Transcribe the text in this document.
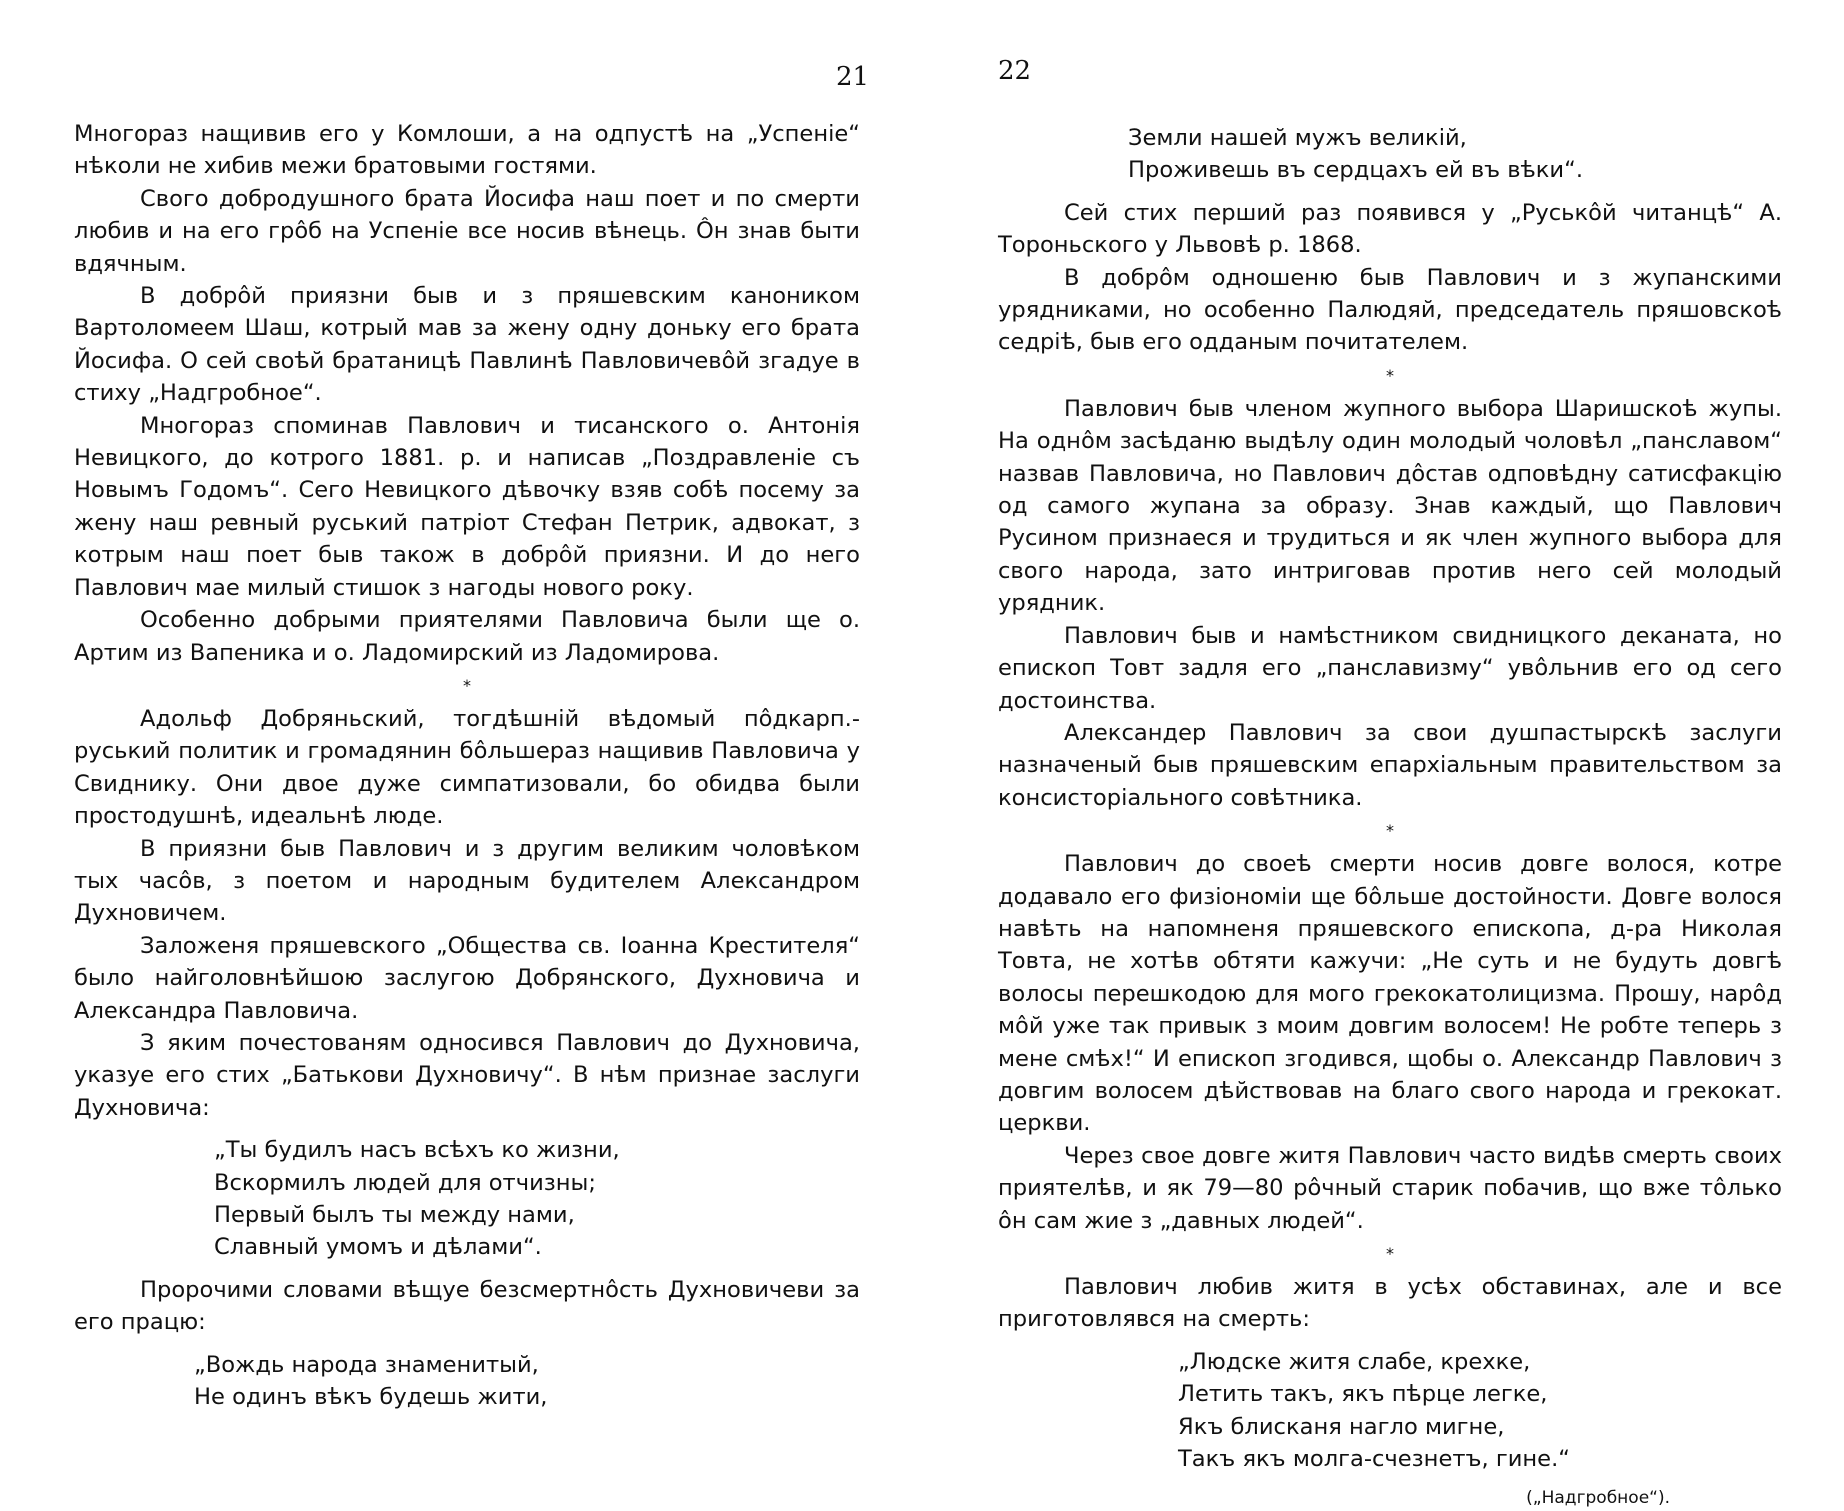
21

Многораз нащивив его у Комлоши, а на одпустѣ на „Успеніе“ нѣколи не хибив межи братовыми гостями.

Свого добродушного брата Йосифа наш поет и по смерти любив и на его грôб на Успеніе все носив вѣнець. Ôн знав быти вдячным.

В добрôй приязни быв и з пряшевским каноником Вартоломеем Шаш, котрый мав за жену одну доньку его брата Йосифа. О сей своѣй братаницѣ Павлинѣ Павловичевôй згадуе в стиху „Надгробное“.

Многораз споминав Павлович и тисанского о. Антонія Невицкого, до котрого 1881. р. и написав „Поздравленіе съ Новымъ Годомъ“. Сего Невицкого дѣвочку взяв собѣ посему за жену наш ревный руський патріот Стефан Петрик, адвокат, з котрым наш поет быв також в добрôй приязни. И до него Павлович мае милый стишок з нагоды нового року.

Особенно добрыми приятелями Павловича были ще о. Артим из Вапеника и о. Ладомирский из Ладомирова.

*

Адольф Добряньский, тогдѣшній вѣдомый пôдкарп.-руський политик и громадянин бôльшераз нащивив Павловича у Свиднику. Они двое дуже симпатизовали, бо обидва были простодушнѣ, идеальнѣ люде.

В приязни быв Павлович и з другим великим чоловѣком тых часôв, з поетом и народным будителем Александром Духновичем.

Заложеня пряшевского „Общества св. Іоанна Крестителя“ было найголовнѣйшою заслугою Добрянского, Духновича и Александра Павловича.

З яким почестованям односився Павлович до Духновича, указуе его стих „Батькови Духновичу“. В нѣм признае заслуги Духновича:

„Ты будилъ насъ всѣхъ ко жизни,
Вскормилъ людей для отчизны;
Первый былъ ты между нами,
Славный умомъ и дѣлами“.

Пророчими словами вѣщуе безсмертнôсть Духновичеви за его працю:

„Вождь народа знаменитый,
Не одинъ вѣкъ будешь жити,
22
Земли нашей мужъ великій,
Проживешь въ сердцахъ ей въ вѣки“.

Сей стих перший раз появився у „Руськôй читанцѣ“ А. Тороньского у Львовѣ р. 1868.

В добрôм одношеню быв Павлович и з жупанскими урядниками, но особенно Палюдяй, председатель пряшовскоѣ седріѣ, быв его одданым почитателем.

*

Павлович быв членом жупного выбора Шаришскоѣ жупы. На однôм засѣданю выдѣлу один молодый чоловѣл „панславом“ назвав Павловича, но Павлович дôстав одповѣдну сатисфакцію од самого жупана за образу. Знав каждый, що Павлович Русином признаеся и трудиться и як член жупного выбора для свого народа, зато интриговав против него сей молодый урядник.

Павлович быв и намѣстником свидницкого деканата, но епископ Товт задля его „панславизму“ увôльнив его од сего достоинства.

Александер Павлович за свои душпастырскѣ заслуги назначеный быв пряшевским епархіальным правительством за консисторіального совѣтника.

*

Павлович до своеѣ смерти носив довге волося, котре додавало его физіономіи ще бôльше достойности. Довге волося навѣть на напомненя пряшевского епископа, д-ра Николая Товта, не хотѣв обтяти кажучи: „Не суть и не будуть довгѣ волосы перешкодою для мого грекокатолицизма. Прошу, нарôд мôй уже так привык з моим довгим волосем! Не робте теперь з мене смѣх!“ И епископ згодився, щобы о. Александр Павлович з довгим волосем дѣйствовав на благо свого народа и грекокат. церкви.

Через свое довге житя Павлович часто видѣв смерть своих приятелѣв, и як 79—80 рôчный старик побачив, що вже тôлько ôн сам жие з „давных людей“.

*

Павлович любив житя в усѣх обставинах, але и все приготовлявся на смерть:

„Людске житя слабе, крехке,
Летить такъ, якъ пѣрце легке,
Якъ блисканя нагло мигне,
Такъ якъ молга-счезнетъ, гине.“
(„Надгробное“).
